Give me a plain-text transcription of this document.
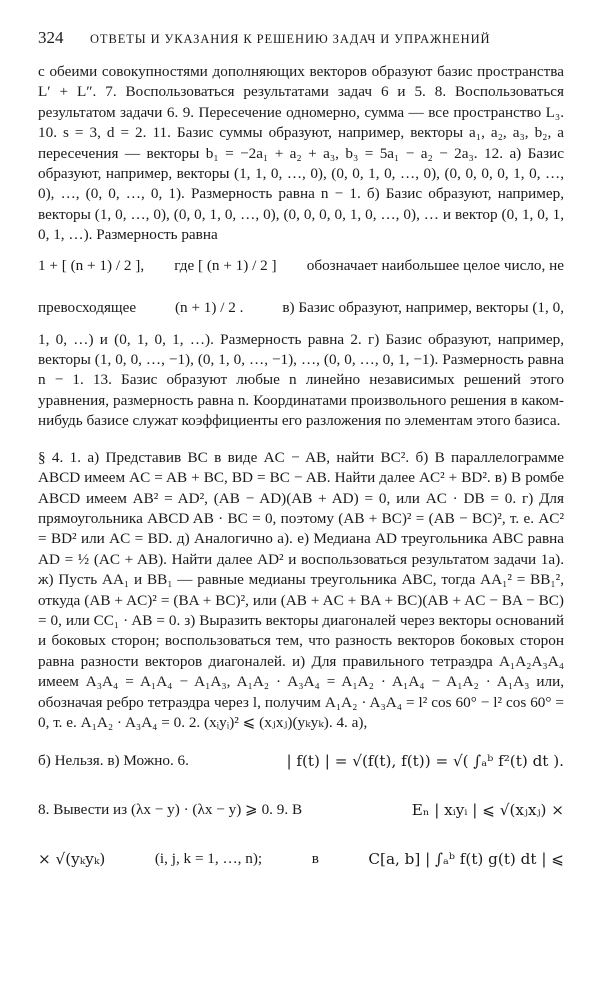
324	ОТВЕТЫ И УКАЗАНИЯ К РЕШЕНИЮ ЗАДАЧ И УПРАЖНЕНИЙ

с обеими совокупностями дополняющих векторов образуют базис пространства L′ + L″. 7. Воспользоваться результатами задач 6 и 5. 8. Воспользоваться результатом задачи 6. 9. Пересечение одномерно, сумма — все пространство L₃. 10. s = 3, d = 2. 11. Базис суммы образуют, например, векторы a₁, a₂, a₃, b₂, а пересечения — векторы b₁ = −2a₁ + a₂ + a₃, b₃ = 5a₁ − a₂ − 2a₃. 12. а) Базис образуют, например, векторы (1, 1, 0, …, 0), (0, 0, 1, 0, …, 0), (0, 0, 0, 0, 1, 0, …, 0), …, (0, 0, …, 0, 1). Размерность равна n − 1. б) Базис образуют, например, векторы (1, 0, …, 0), (0, 0, 1, 0, …, 0), (0, 0, 0, 0, 1, 0, …, 0), … и вектор (0, 1, 0, 1, 0, 1, …). Размерность равна

1 + [ (n + 1) / 2 ], где [ (n + 1) / 2 ] обозначает наибольшее целое число, не
превосходящее	(n + 1) / 2 .	в) Базис образуют, например, векторы (1, 0,

1, 0, …) и (0, 1, 0, 1, …). Размерность равна 2. г) Базис образуют, например, векторы (1, 0, 0, …, −1), (0, 1, 0, …, −1), …, (0, 0, …, 0, 1, −1). Размерность равна n − 1. 13. Базис образуют любые n линейно независимых решений этого уравнения, размерность равна n. Координатами произвольного решения в каком-нибудь базисе служат коэффициенты его разложения по элементам этого базиса.

§ 4. 1. а) Представив BC в виде AC − AB, найти BC². б) В параллелограмме ABCD имеем AC = AB + BC, BD = BC − AB. Найти далее AC² + BD². в) В ромбе ABCD имеем AB² = AD², (AB − AD)(AB + AD) = 0, или AC · DB = 0. г) Для прямоугольника ABCD AB · BC = 0, поэтому (AB + BC)² = (AB − BC)², т. е. AC² = BD² или AC = BD. д) Аналогично а). е) Медиана AD треугольника ABC равна AD = ½ (AC + AB). Найти далее AD² и воспользоваться результатом задачи 1а). ж) Пусть AA₁ и BB₁ — равные медианы треугольника ABC, тогда AA₁² = BB₁², откуда (AB + AC)² = (BA + BC)², или (AB + AC + BA + BC)(AB + AC − BA − BC) = 0, или CC₁ · AB = 0. з) Выразить векторы диагоналей через векторы оснований и боковых сторон; воспользоваться тем, что разность векторов боковых сторон равна разности векторов диагоналей. и) Для правильного тетраэдра A₁A₂A₃A₄ имеем A₃A₄ = A₁A₄ − A₁A₃, A₁A₂ · A₃A₄ = A₁A₂ · A₁A₄ − A₁A₂ · A₁A₃ или, обозначая ребро тетраэдра через l, получим A₁A₂ · A₃A₄ = l² cos 60° − l² cos 60° = 0, т. е. A₁A₂ · A₃A₄ = 0. 2. (xᵢyᵢ)² ⩽ (xⱼxⱼ)(yₖyₖ). 4. а),

б) Нельзя. в) Можно. 6.	| f(t) | = √(f(t), f(t)) = √( ∫ₐᵇ f²(t) dt ).
8. Вывести из (λx − y) · (λx − y) ⩾ 0. 9. В	Eₙ | xᵢyᵢ | ⩽ √(xⱼxⱼ) ×
× √(yₖyₖ)	(i, j, k = 1, …, n);	в	C[a, b] | ∫ₐᵇ f(t) g(t) dt | ⩽
